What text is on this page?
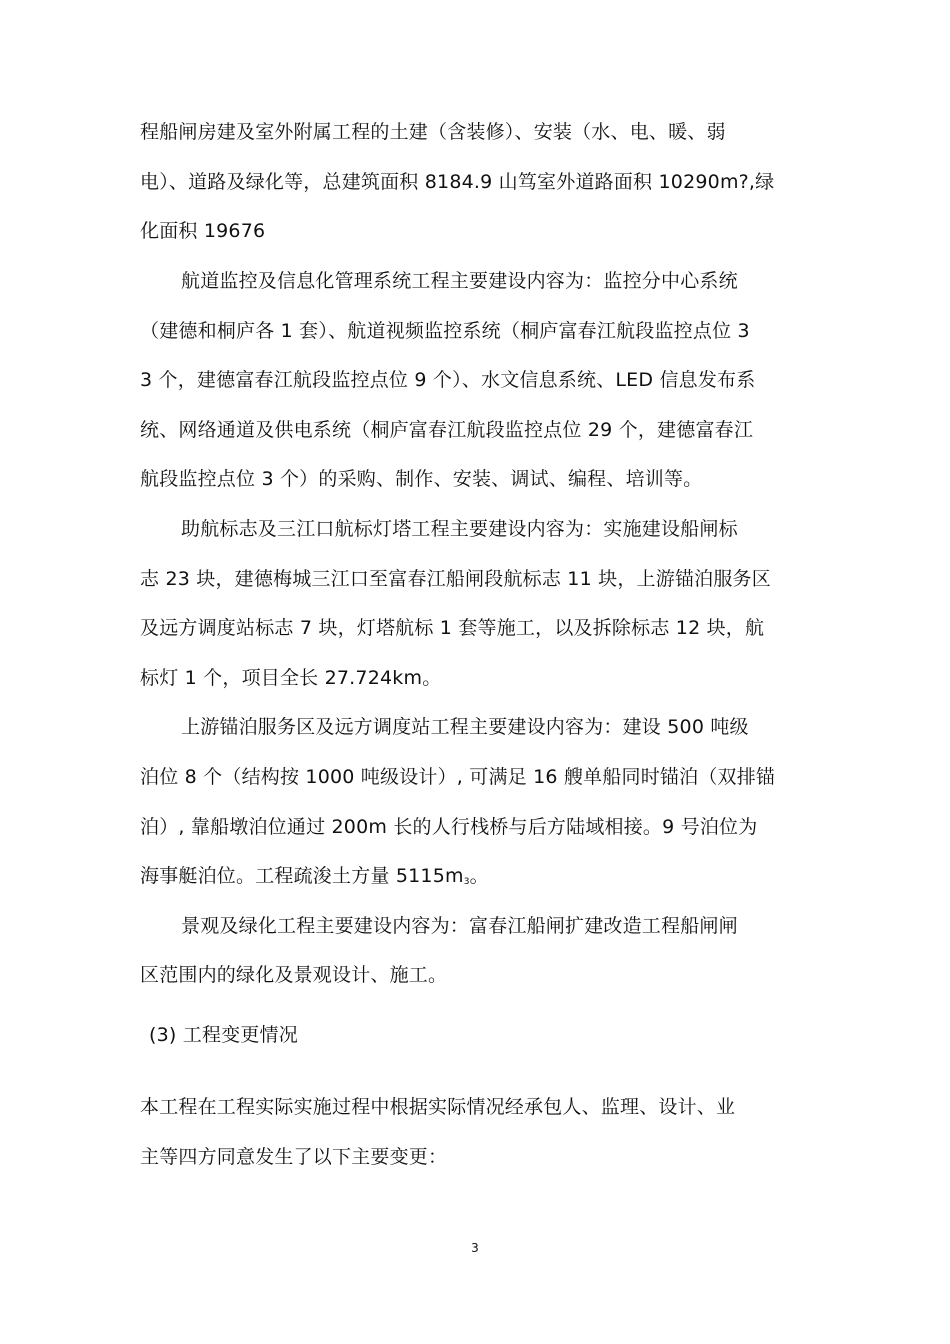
程船闸房建及室外附属工程的土建（含装修）、安装（水、电、暖、弱
电）、道路及绿化等，总建筑面积 8184.9 山笃室外道路面积 10290m?,绿
化面积 19676
航道监控及信息化管理系统工程主要建设内容为：监控分中心系统
（建德和桐庐各 1 套）、航道视频监控系统（桐庐富春江航段监控点位 3
3 个，建德富春江航段监控点位 9 个）、水文信息系统、LED 信息发布系
统、网络通道及供电系统（桐庐富春江航段监控点位 29 个，建德富春江
航段监控点位 3 个）的采购、制作、安装、调试、编程、培训等。
助航标志及三江口航标灯塔工程主要建设内容为：实施建设船闸标
志 23 块，建德梅城三江口至富春江船闸段航标志 11 块，上游锚泊服务区
及远方调度站标志 7 块，灯塔航标 1 套等施工，以及拆除标志 12 块，航
标灯 1 个，项目全长 27.724km。
上游锚泊服务区及远方调度站工程主要建设内容为：建设 500 吨级
泊位 8 个（结构按 1000 吨级设计）, 可满足 16 艘单船同时锚泊（双排锚
泊）, 靠船墩泊位通过 200m 长的人行栈桥与后方陆域相接。9 号泊位为
海事艇泊位。工程疏浚土方量 $5115m_3$。
景观及绿化工程主要建设内容为：富春江船闸扩建改造工程船闸闸
区范围内的绿化及景观设计、施工。
(3) 工程变更情况
本工程在工程实际实施过程中根据实际情况经承包人、监理、设计、业
主等四方同意发生了以下主要变更：
3
